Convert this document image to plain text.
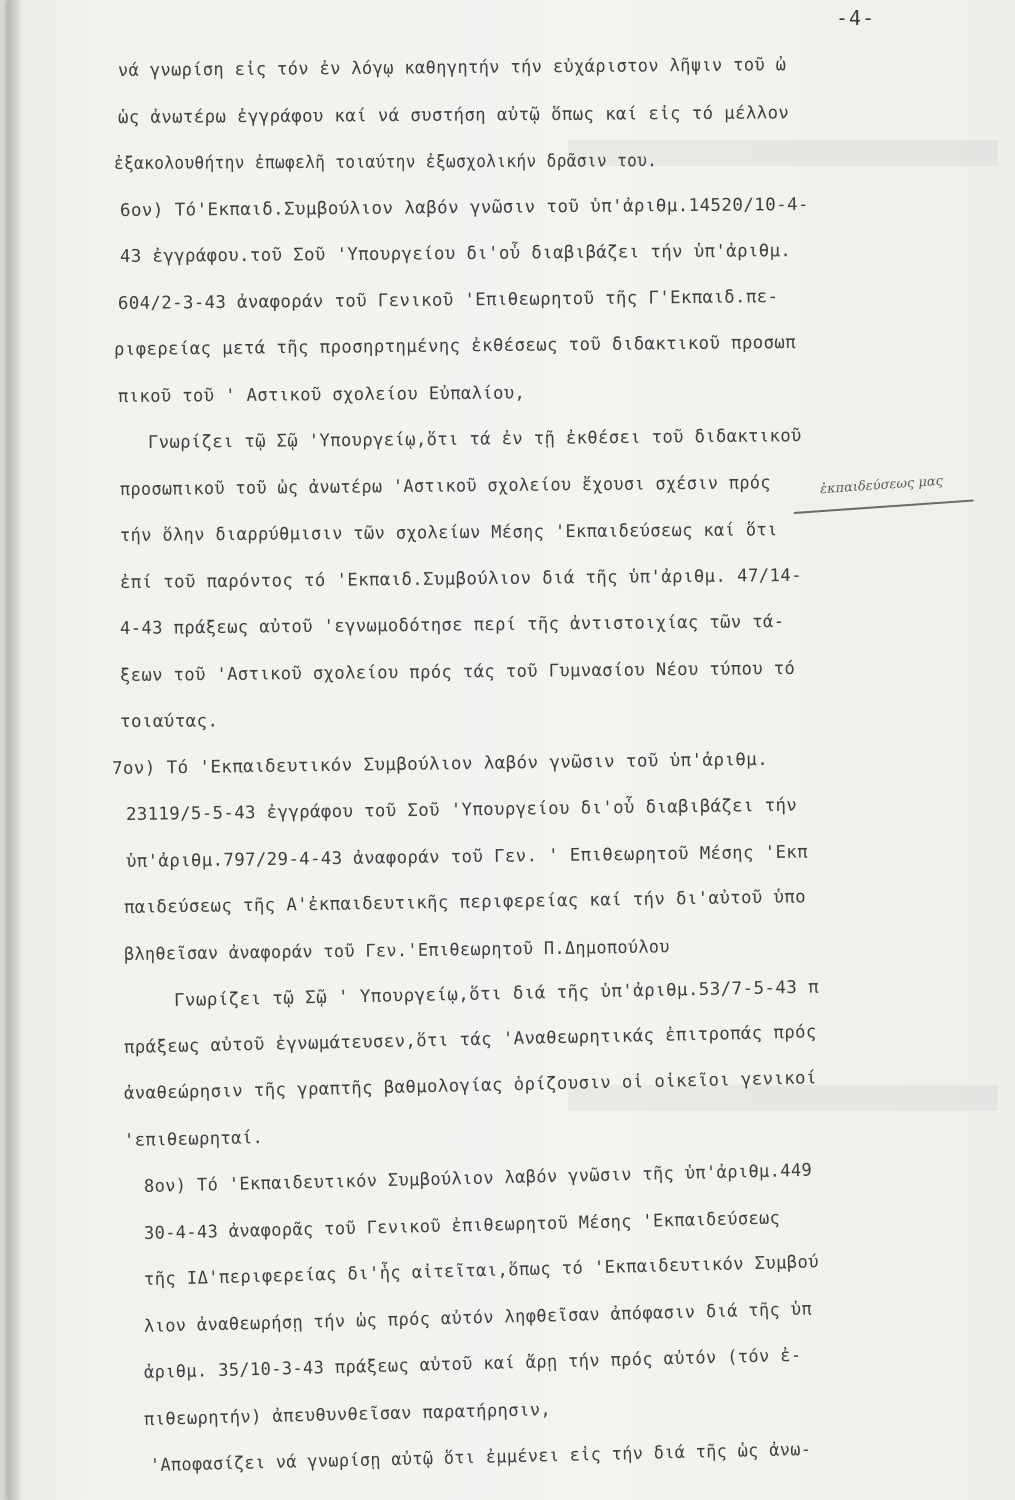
-4-
νά γνωρίση εἰς τόν ἐν λόγῳ καθηγητήν τήν εὐχάριστον λῆψιν τοῦ ὠ
ὡς ἀνωτέρω ἐγγράφου καί νά συστήση αὐτῷ ὅπως καί εἰς τό μέλλον
ἐξακολουθήτην ἐπωφελῆ τοιαύτην ἐξωσχολικήν δρᾶσιν του.
6ον) Τό'Εκπαιδ.Συμβούλιον λαβόν γνῶσιν τοῦ ὑπ'ἀριθμ.14520/10-4-
43 ἐγγράφου.τοῦ Σοῦ 'Υπουργείου δι'οὗ διαβιβάζει τήν ὑπ'ἀριθμ.
604/2-3-43 ἀναφοράν τοῦ Γενικοῦ 'Επιθεωρητοῦ τῆς Γ'Εκπαιδ.πε-
ριφερείας μετά τῆς προσηρτημένης ἐκθέσεως τοῦ διδακτικοῦ προσωπ
πικοῦ τοῦ ' Αστικοῦ σχολείου Εὐπαλίου,
Γνωρίζει τῷ Σῷ 'Υπουργείῳ,ὅτι τά ἐν τῇ ἐκθέσει τοῦ διδακτικοῦ
προσωπικοῦ τοῦ ὡς ἀνωτέρω 'Αστικοῦ σχολείου ἔχουσι σχέσιν πρός
τήν ὅλην διαρρύθμισιν τῶν σχολείων Μέσης 'Εκπαιδεύσεως καί ὅτι
ἐπί τοῦ παρόντος τό 'Εκπαιδ.Συμβούλιον διά τῆς ὑπ'ἀριθμ. 47/14-
4-43 πράξεως αὐτοῦ 'εγνωμοδότησε περί τῆς ἀντιστοιχίας τῶν τά-
ξεων τοῦ 'Αστικοῦ σχολείου πρός τάς τοῦ Γυμνασίου Νέου τύπου τό
τοιαύτας.
7ον) Τό 'Εκπαιδευτικόν Συμβούλιον λαβόν γνῶσιν τοῦ ὑπ'ἀριθμ.
23119/5-5-43 ἐγγράφου τοῦ Σοῦ 'Υπουργείου δι'οὗ διαβιβάζει τήν
ὑπ'ἀριθμ.797/29-4-43 ἀναφοράν τοῦ Γεν. ' Επιθεωρητοῦ Μέσης 'Εκπ
παιδεύσεως τῆς Α'ἐκπαιδευτικῆς περιφερείας καί τήν δι'αὐτοῦ ὑπο
βληθεῖσαν ἀναφοράν τοῦ Γεν.'Επιθεωρητοῦ Π.Δημοπούλου
Γνωρίζει τῷ Σῷ ' Υπουργείῳ,ὅτι διά τῆς ὑπ'ἀριθμ.53/7-5-43 π
πράξεως αὐτοῦ ἐγνωμάτευσεν,ὅτι τάς 'Αναθεωρητικάς ἐπιτροπάς πρός
ἀναθεώρησιν τῆς γραπτῆς βαθμολογίας ὁρίζουσιν οἱ οἰκεῖοι γενικοί
'επιθεωρηταί.
8ον) Τό 'Εκπαιδευτικόν Συμβούλιον λαβόν γνῶσιν τῆς ὑπ'ἀριθμ.449
30-4-43 ἀναφορᾶς τοῦ Γενικοῦ ἐπιθεωρητοῦ Μέσης 'Εκπαιδεύσεως
τῆς ΙΔ'περιφερείας δι'ἧς αἰτεῖται,ὅπως τό 'Εκπαιδευτικόν Συμβού
λιον ἀναθεωρήσῃ τήν ὡς πρός αὐτόν ληφθεῖσαν ἀπόφασιν διά τῆς ὑπ
ἀριθμ. 35/10-3-43 πράξεως αὐτοῦ καί ἄρῃ τήν πρός αὐτόν (τόν ἐ-
πιθεωρητήν) ἀπευθυνθεῖσαν παρατήρησιν,
'Αποφασίζει νά γνωρίσῃ αὐτῷ ὅτι ἐμμένει εἰς τήν διά τῆς ὡς ἀνω-
ἐκπαιδεύσεως μας
